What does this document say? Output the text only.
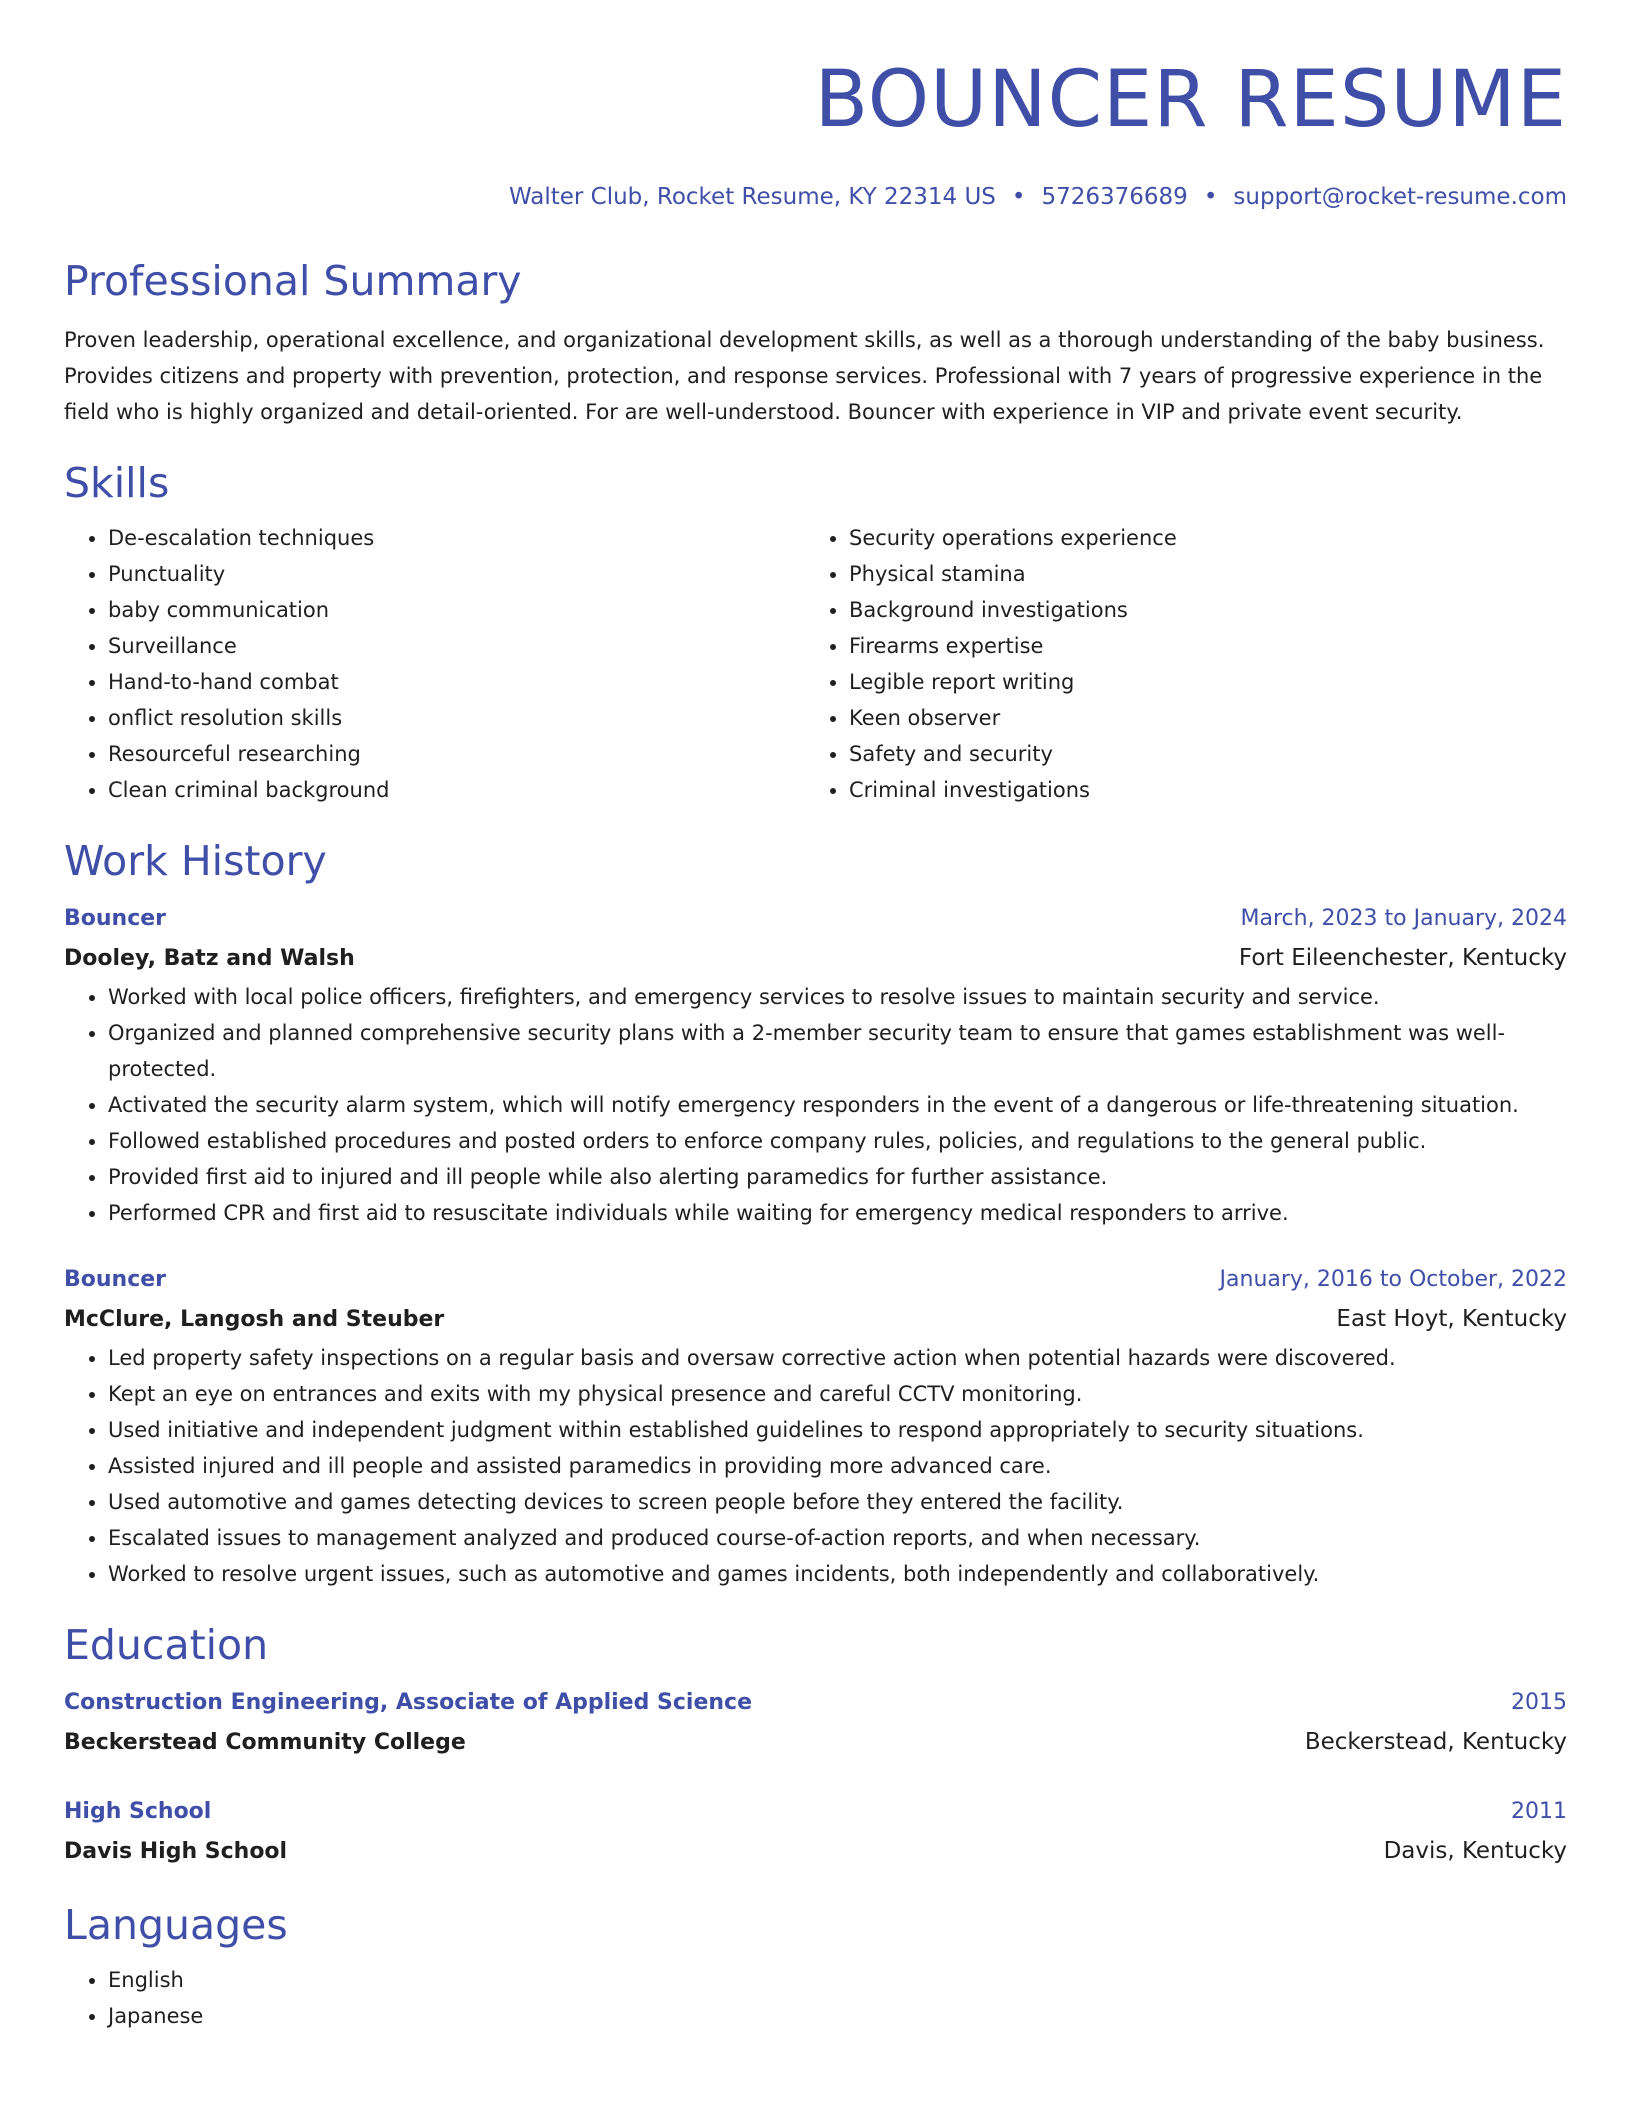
BOUNCER RESUME
Walter Club, Rocket Resume, KY 22314 US • 5726376689 • support@rocket-resume.com
Professional Summary
Proven leadership, operational excellence, and organizational development skills, as well as a thorough understanding of the baby business. Provides citizens and property with prevention, protection, and response services. Professional with 7 years of progressive experience in the field who is highly organized and detail-oriented. For are well-understood. Bouncer with experience in VIP and private event security.
Skills
• De-escalation techniques
• Punctuality
• baby communication
• Surveillance
• Hand-to-hand combat
• onflict resolution skills
• Resourceful researching
• Clean criminal background
• Security operations experience
• Physical stamina
• Background investigations
• Firearms expertise
• Legible report writing
• Keen observer
• Safety and security
• Criminal investigations
Work History
Bouncer	March, 2023 to January, 2024
Dooley, Batz and Walsh	Fort Eileenchester, Kentucky
• Worked with local police officers, firefighters, and emergency services to resolve issues to maintain security and service.
• Organized and planned comprehensive security plans with a 2-member security team to ensure that games establishment was well-protected.
• Activated the security alarm system, which will notify emergency responders in the event of a dangerous or life-threatening situation.
• Followed established procedures and posted orders to enforce company rules, policies, and regulations to the general public.
• Provided first aid to injured and ill people while also alerting paramedics for further assistance.
• Performed CPR and first aid to resuscitate individuals while waiting for emergency medical responders to arrive.
Bouncer	January, 2016 to October, 2022
McClure, Langosh and Steuber	East Hoyt, Kentucky
• Led property safety inspections on a regular basis and oversaw corrective action when potential hazards were discovered.
• Kept an eye on entrances and exits with my physical presence and careful CCTV monitoring.
• Used initiative and independent judgment within established guidelines to respond appropriately to security situations.
• Assisted injured and ill people and assisted paramedics in providing more advanced care.
• Used automotive and games detecting devices to screen people before they entered the facility.
• Escalated issues to management analyzed and produced course-of-action reports, and when necessary.
• Worked to resolve urgent issues, such as automotive and games incidents, both independently and collaboratively.
Education
Construction Engineering, Associate of Applied Science	2015
Beckerstead Community College	Beckerstead, Kentucky
High School	2011
Davis High School	Davis, Kentucky
Languages
• English
• Japanese
